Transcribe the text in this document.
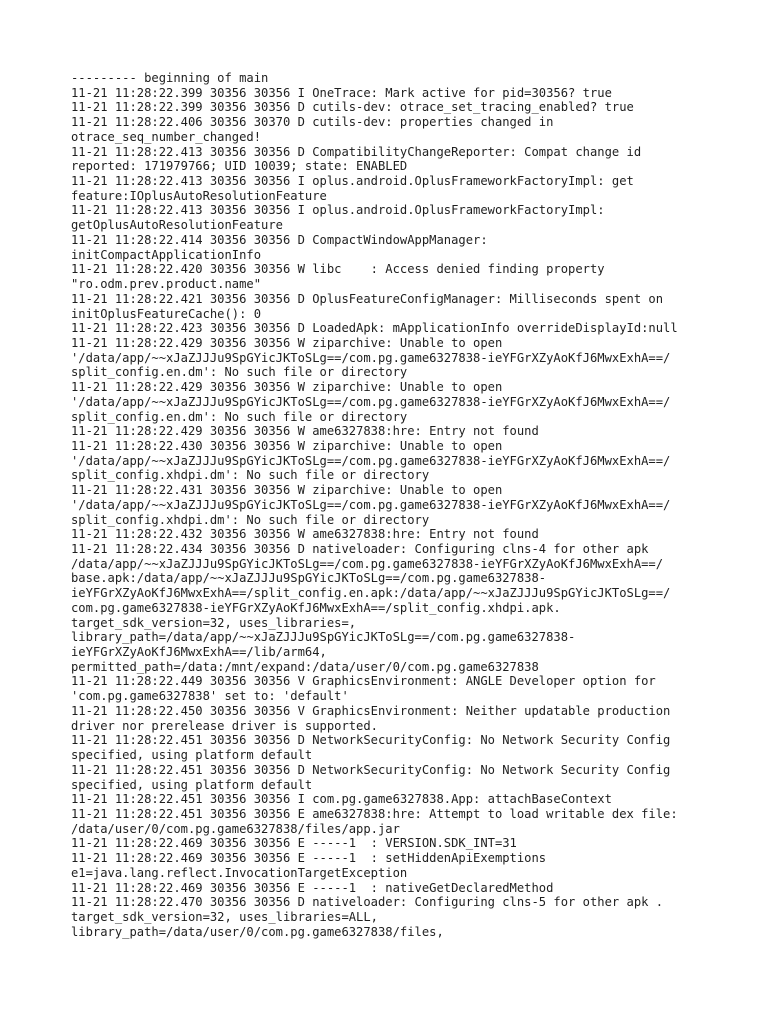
--------- beginning of main
11-21 11:28:22.399 30356 30356 I OneTrace: Mark active for pid=30356? true
11-21 11:28:22.399 30356 30356 D cutils-dev: otrace_set_tracing_enabled? true
11-21 11:28:22.406 30356 30370 D cutils-dev: properties changed in
otrace_seq_number_changed!
11-21 11:28:22.413 30356 30356 D CompatibilityChangeReporter: Compat change id
reported: 171979766; UID 10039; state: ENABLED
11-21 11:28:22.413 30356 30356 I oplus.android.OplusFrameworkFactoryImpl: get
feature:IOplusAutoResolutionFeature
11-21 11:28:22.413 30356 30356 I oplus.android.OplusFrameworkFactoryImpl:
getOplusAutoResolutionFeature
11-21 11:28:22.414 30356 30356 D CompactWindowAppManager:
initCompactApplicationInfo
11-21 11:28:22.420 30356 30356 W libc    : Access denied finding property
"ro.odm.prev.product.name"
11-21 11:28:22.421 30356 30356 D OplusFeatureConfigManager: Milliseconds spent on
initOplusFeatureCache(): 0
11-21 11:28:22.423 30356 30356 D LoadedApk: mApplicationInfo overrideDisplayId:null
11-21 11:28:22.429 30356 30356 W ziparchive: Unable to open
'/data/app/~~xJaZJJJu9SpGYicJKToSLg==/com.pg.game6327838-ieYFGrXZyAoKfJ6MwxExhA==/
split_config.en.dm': No such file or directory
11-21 11:28:22.429 30356 30356 W ziparchive: Unable to open
'/data/app/~~xJaZJJJu9SpGYicJKToSLg==/com.pg.game6327838-ieYFGrXZyAoKfJ6MwxExhA==/
split_config.en.dm': No such file or directory
11-21 11:28:22.429 30356 30356 W ame6327838:hre: Entry not found
11-21 11:28:22.430 30356 30356 W ziparchive: Unable to open
'/data/app/~~xJaZJJJu9SpGYicJKToSLg==/com.pg.game6327838-ieYFGrXZyAoKfJ6MwxExhA==/
split_config.xhdpi.dm': No such file or directory
11-21 11:28:22.431 30356 30356 W ziparchive: Unable to open
'/data/app/~~xJaZJJJu9SpGYicJKToSLg==/com.pg.game6327838-ieYFGrXZyAoKfJ6MwxExhA==/
split_config.xhdpi.dm': No such file or directory
11-21 11:28:22.432 30356 30356 W ame6327838:hre: Entry not found
11-21 11:28:22.434 30356 30356 D nativeloader: Configuring clns-4 for other apk
/data/app/~~xJaZJJJu9SpGYicJKToSLg==/com.pg.game6327838-ieYFGrXZyAoKfJ6MwxExhA==/
base.apk:/data/app/~~xJaZJJJu9SpGYicJKToSLg==/com.pg.game6327838-
ieYFGrXZyAoKfJ6MwxExhA==/split_config.en.apk:/data/app/~~xJaZJJJu9SpGYicJKToSLg==/
com.pg.game6327838-ieYFGrXZyAoKfJ6MwxExhA==/split_config.xhdpi.apk.
target_sdk_version=32, uses_libraries=,
library_path=/data/app/~~xJaZJJJu9SpGYicJKToSLg==/com.pg.game6327838-
ieYFGrXZyAoKfJ6MwxExhA==/lib/arm64,
permitted_path=/data:/mnt/expand:/data/user/0/com.pg.game6327838
11-21 11:28:22.449 30356 30356 V GraphicsEnvironment: ANGLE Developer option for
'com.pg.game6327838' set to: 'default'
11-21 11:28:22.450 30356 30356 V GraphicsEnvironment: Neither updatable production
driver nor prerelease driver is supported.
11-21 11:28:22.451 30356 30356 D NetworkSecurityConfig: No Network Security Config
specified, using platform default
11-21 11:28:22.451 30356 30356 D NetworkSecurityConfig: No Network Security Config
specified, using platform default
11-21 11:28:22.451 30356 30356 I com.pg.game6327838.App: attachBaseContext
11-21 11:28:22.451 30356 30356 E ame6327838:hre: Attempt to load writable dex file:
/data/user/0/com.pg.game6327838/files/app.jar
11-21 11:28:22.469 30356 30356 E -----1  : VERSION.SDK_INT=31
11-21 11:28:22.469 30356 30356 E -----1  : setHiddenApiExemptions
e1=java.lang.reflect.InvocationTargetException
11-21 11:28:22.469 30356 30356 E -----1  : nativeGetDeclaredMethod
11-21 11:28:22.470 30356 30356 D nativeloader: Configuring clns-5 for other apk .
target_sdk_version=32, uses_libraries=ALL,
library_path=/data/user/0/com.pg.game6327838/files,
